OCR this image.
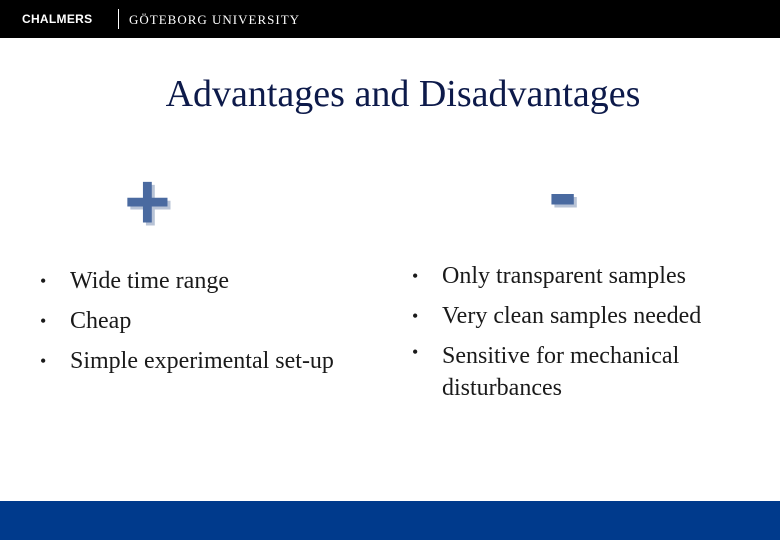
CHALMERS	GÖTEBORG UNIVERSITY
Advantages and Disadvantages
+	-
• Wide time range
• Cheap
• Simple experimental set-up
• Only transparent samples
• Very clean samples needed
• Sensitive for mechanical disturbances
